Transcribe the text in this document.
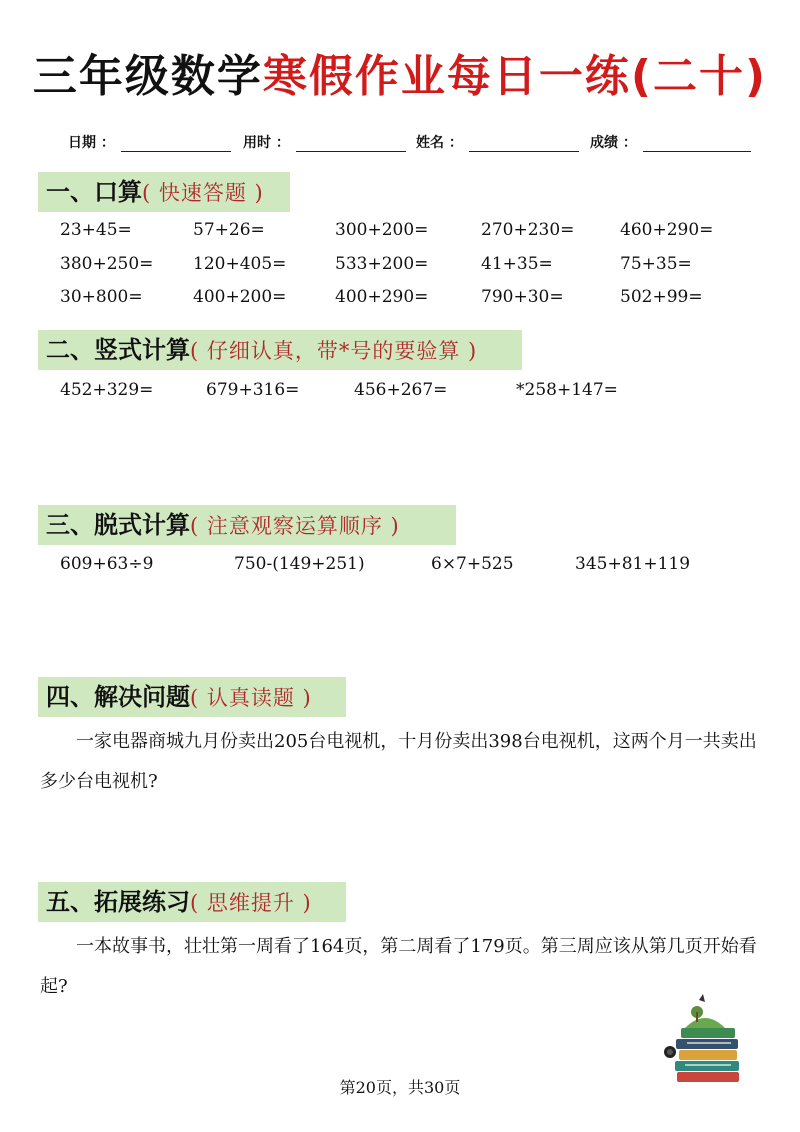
三年级数学寒假作业每日一练(二十)
日期 ：	用时 ：	姓名 ：	成绩 ：
一、口算( 快速答题 )
23+45=	57+26=	300+200=	270+230=	460+290=
380+250= 120+405=	533+200=	41+35=	75+35=
30+800=	400+200=	400+290=	790+30=	502+99=
二、竖式计算( 仔细认真，带*号的要验算 )
452+329=	679+316=	456+267=	*258+147=
三、脱式计算( 注意观察运算顺序 )
609+63÷9	750-(149+251)	6×7+525	345+81+119
四、解决问题( 认真读题 )
一家电器商城九月份卖出205台电视机，十月份卖出398台电视机，这两个月一共卖出多少台电视机?
五、拓展练习( 思维提升 )
一本故事书，壮壮第一周看了164页，第二周看了179页。第三周应该从第几页开始看起?
第20页，共30页
